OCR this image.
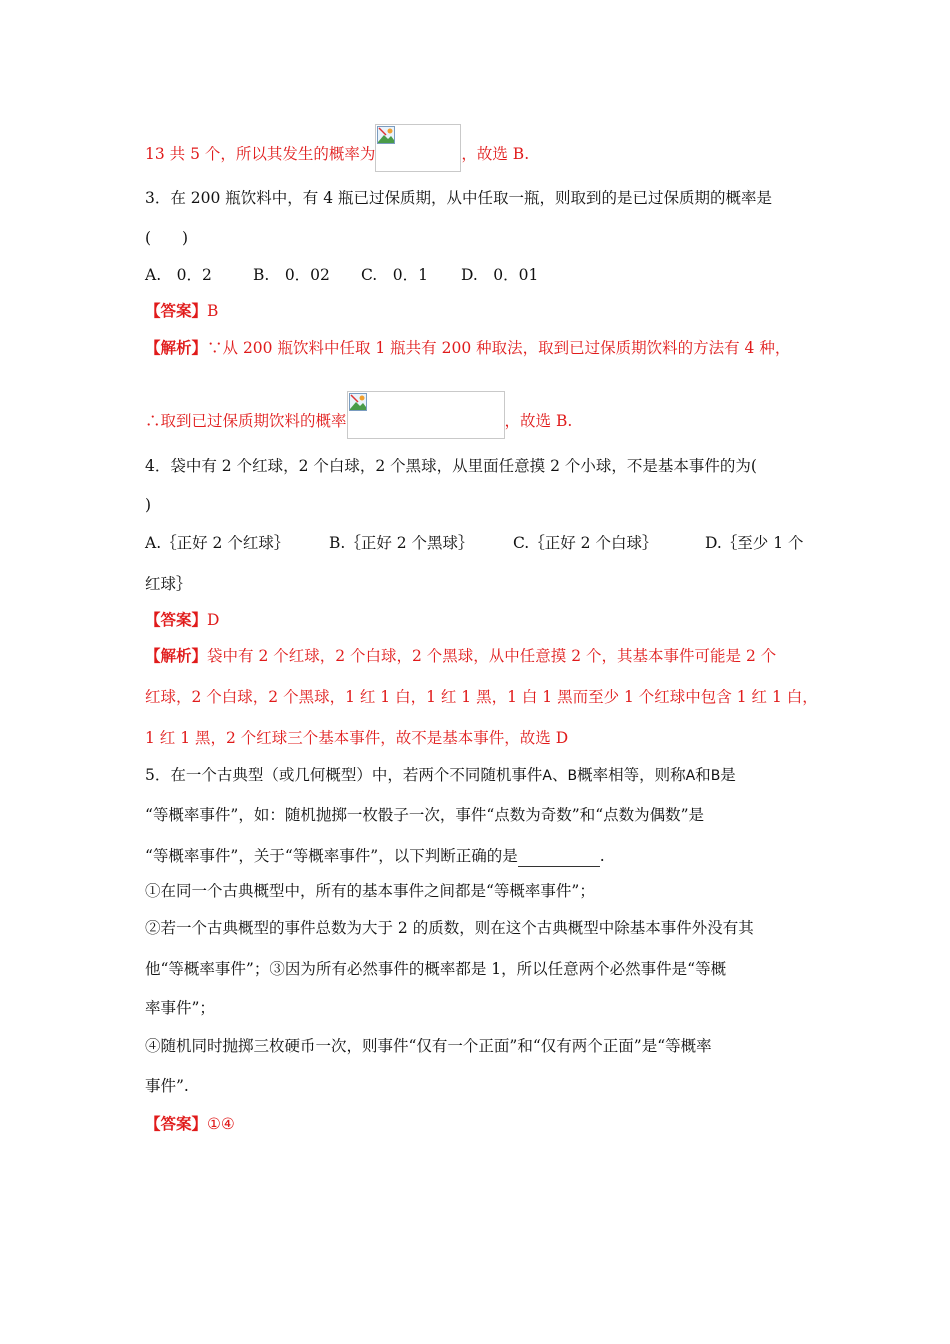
13 共 5 个，所以其发生的概率为	，故选 B.
3．在 200 瓶饮料中，有 4 瓶已过保质期，从中任取一瓶，则取到的是已过保质期的概率是
(　　)
A.　0．2	B.　0．02 C.　0．1 D.　0．01
【答案】B
【解析】∵从 200 瓶饮料中任取 1 瓶共有 200 种取法，取到已过保质期饮料的方法有 4 种，
∴取到已过保质期饮料的概率	，故选 B.
4．袋中有 2 个红球，2 个白球，2 个黑球，从里面任意摸 2 个小球，不是基本事件的为(
)
A.｛正好 2 个红球｝	B.｛正好 2 个黑球｝	C.｛正好 2 个白球｝	D.｛至少 1 个
红球｝
【答案】D
【解析】袋中有 2 个红球，2 个白球，2 个黑球，从中任意摸 2 个，其基本事件可能是 2 个
红球，2 个白球，2 个黑球，1 红 1 白，1 红 1 黑，1 白 1 黑而至少 1 个红球中包含 1 红 1 白，
1 红 1 黑，2 个红球三个基本事件，故不是基本事件，故选 D
5．在一个古典型（或几何概型）中，若两个不同随机事件A、B概率相等，则称A和B是
“等概率事件”，如：随机抛掷一枚骰子一次，事件“点数为奇数”和“点数为偶数”是
“等概率事件”，关于“等概率事件”，以下判断正确的是	.
①在同一个古典概型中，所有的基本事件之间都是“等概率事件”；
②若一个古典概型的事件总数为大于 2 的质数，则在这个古典概型中除基本事件外没有其
他“等概率事件”；③因为所有必然事件的概率都是 1，所以任意两个必然事件是“等概
率事件”；
④随机同时抛掷三枚硬币一次，则事件“仅有一个正面”和“仅有两个正面”是“等概率
事件”.
【答案】①④
